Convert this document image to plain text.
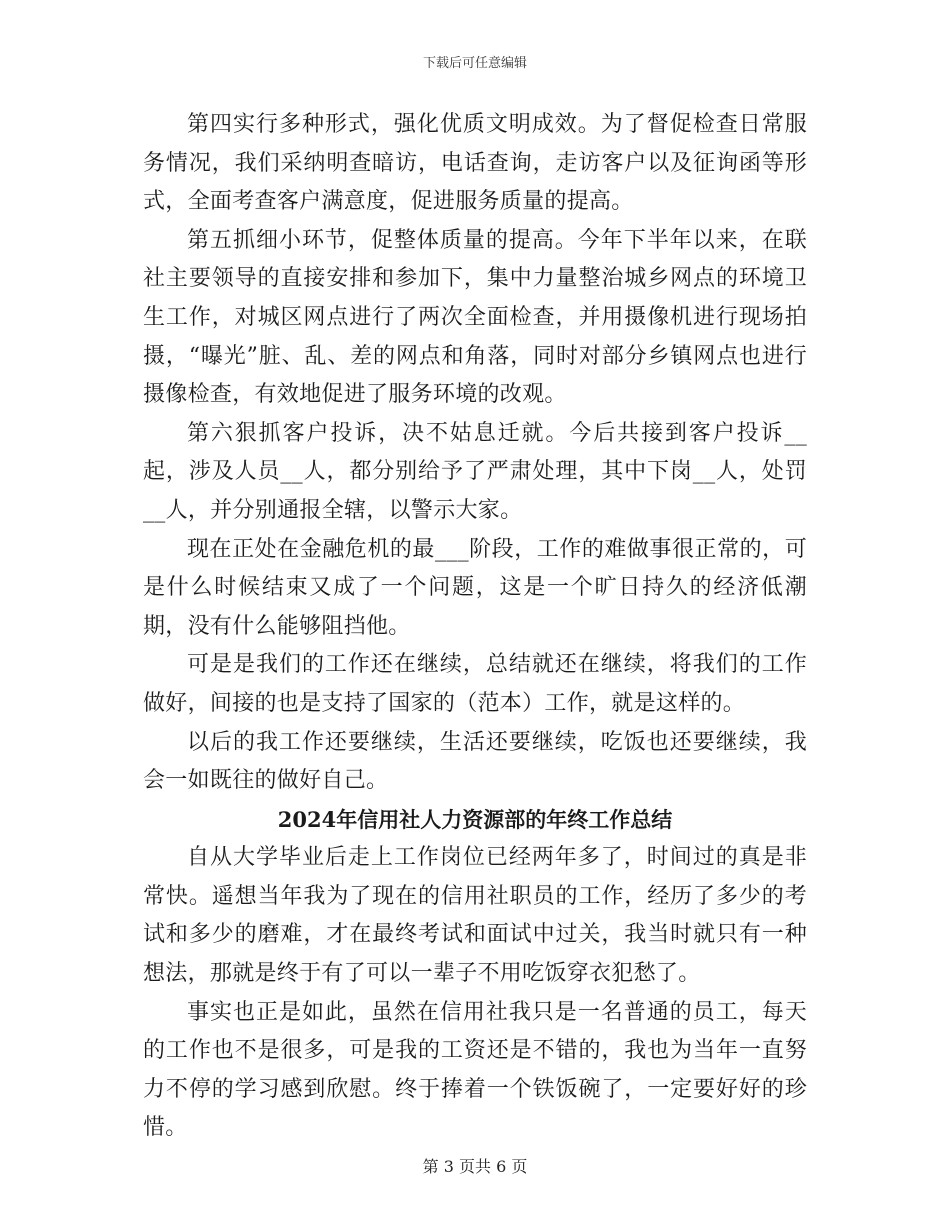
下载后可任意编辑

第四实行多种形式，强化优质文明成效。为了督促检查日常服务情况，我们采纳明查暗访，电话查询，走访客户以及征询函等形式，全面考查客户满意度，促进服务质量的提高。

第五抓细小环节，促整体质量的提高。今年下半年以来，在联社主要领导的直接安排和参加下，集中力量整治城乡网点的环境卫生工作，对城区网点进行了两次全面检查，并用摄像机进行现场拍摄，“曝光”脏、乱、差的网点和角落，同时对部分乡镇网点也进行摄像检查，有效地促进了服务环境的改观。

第六狠抓客户投诉，决不姑息迁就。今后共接到客户投诉__起，涉及人员__人，都分别给予了严肃处理，其中下岗__人，处罚__人，并分别通报全辖，以警示大家。

现在正处在金融危机的最___阶段，工作的难做事很正常的，可是什么时候结束又成了一个问题，这是一个旷日持久的经济低潮期，没有什么能够阻挡他。

可是是我们的工作还在继续，总结就还在继续，将我们的工作做好，间接的也是支持了国家的（范本）工作，就是这样的。

以后的我工作还要继续，生活还要继续，吃饭也还要继续，我会一如既往的做好自己。

2024年信用社人力资源部的年终工作总结

自从大学毕业后走上工作岗位已经两年多了，时间过的真是非常快。遥想当年我为了现在的信用社职员的工作，经历了多少的考试和多少的磨难，才在最终考试和面试中过关，我当时就只有一种想法，那就是终于有了可以一辈子不用吃饭穿衣犯愁了。

事实也正是如此，虽然在信用社我只是一名普通的员工，每天的工作也不是很多，可是我的工资还是不错的，我也为当年一直努力不停的学习感到欣慰。终于捧着一个铁饭碗了，一定要好好的珍惜。

第 3 页共 6 页
